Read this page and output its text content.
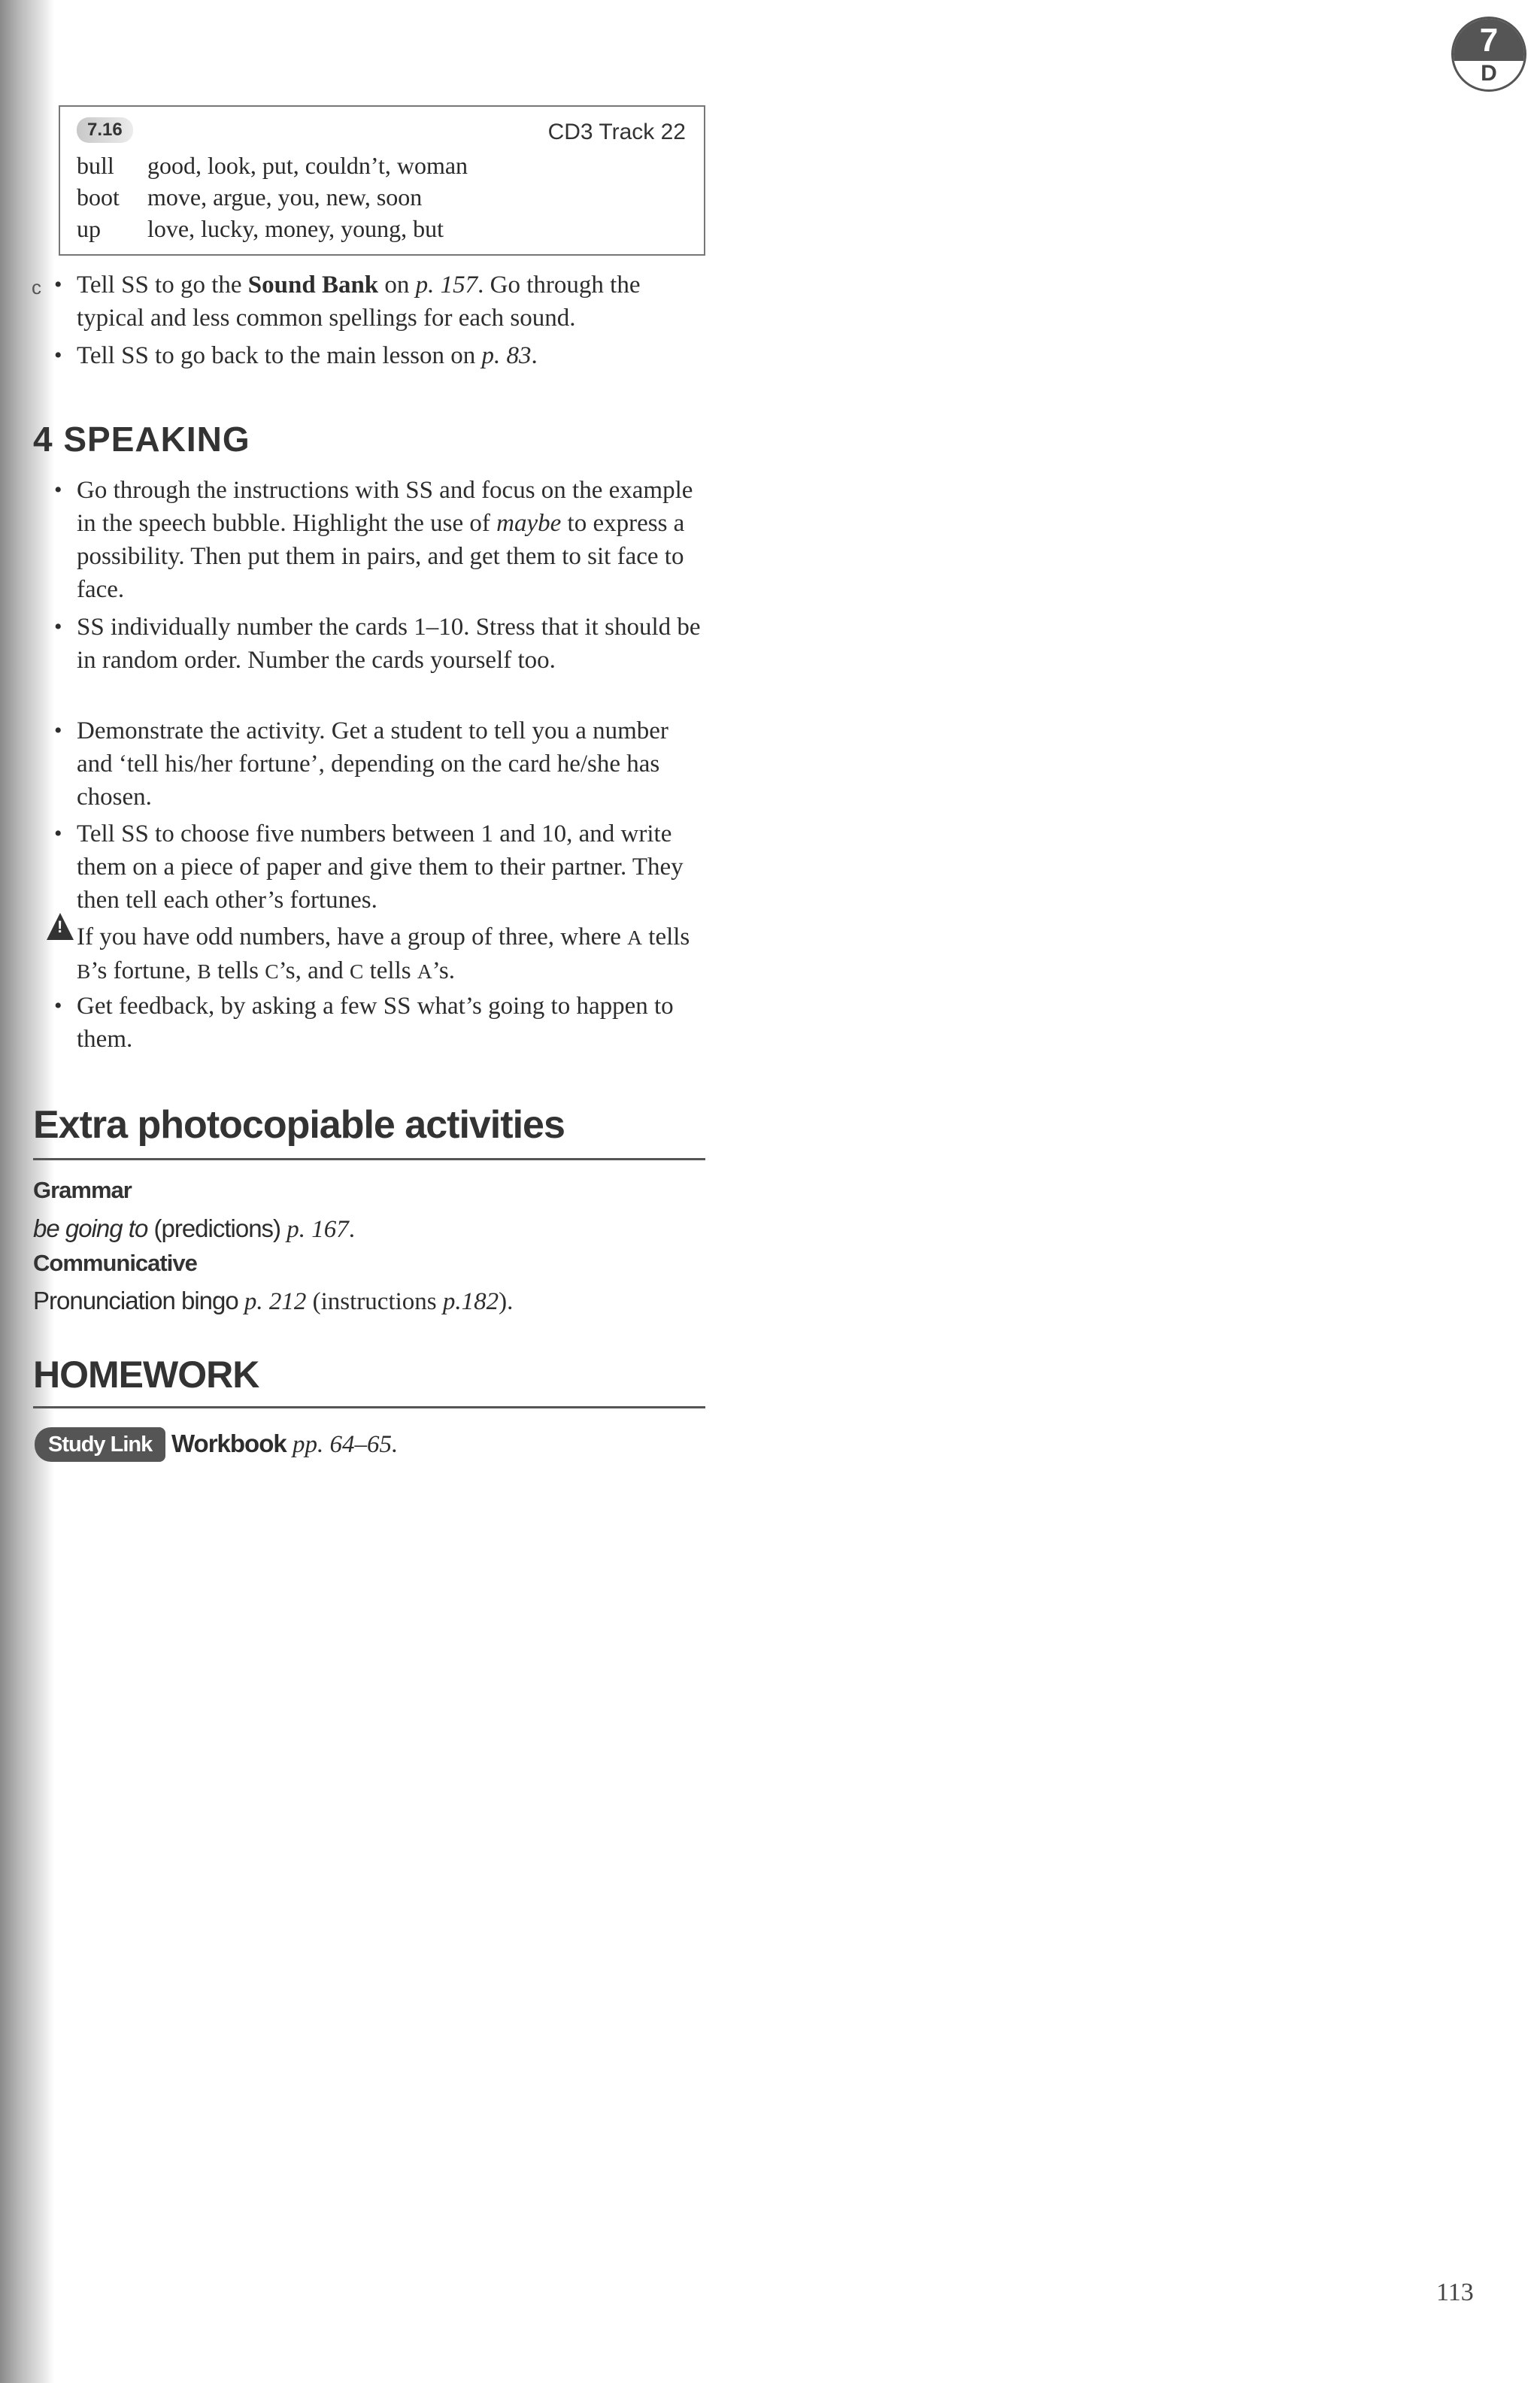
7
D
7.16	CD3 Track 22
bull good, look, put, couldn’t, woman
boot move, argue, you, new, soon
up love, lucky, money, young, but
c
• Tell SS to go the Sound Bank on p. 157. Go through the typical and less common spellings for each sound.
• Tell SS to go back to the main lesson on p. 83.
4 SPEAKING
• Go through the instructions with SS and focus on the example in the speech bubble. Highlight the use of maybe to express a possibility. Then put them in pairs, and get them to sit face to face.
• SS individually number the cards 1–10. Stress that it should be in random order. Number the cards yourself too.
• Demonstrate the activity. Get a student to tell you a number and ‘tell his/her fortune’, depending on the card he/she has chosen.
• Tell SS to choose five numbers between 1 and 10, and write them on a piece of paper and give them to their partner. They then tell each other’s fortunes.
!
If you have odd numbers, have a group of three, where A tells B’s fortune, B tells C’s, and C tells A’s.
• Get feedback, by asking a few SS what’s going to happen to them.
Extra photocopiable activities
Grammar
be going to (predictions) p. 167.
Communicative
Pronunciation bingo p. 212 (instructions p.182).
HOMEWORK
Study Link Workbook pp. 64–65.
113
